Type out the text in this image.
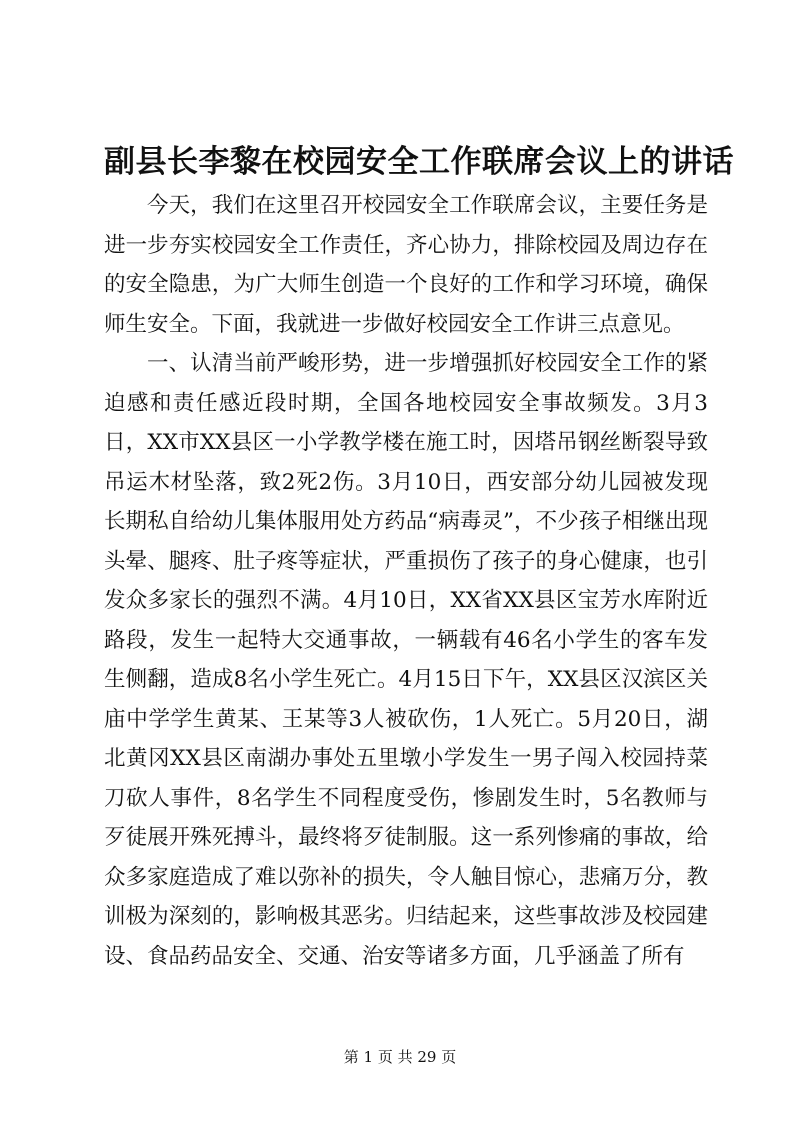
副县长李黎在校园安全工作联席会议上的讲话

今天，我们在这里召开校园安全工作联席会议，主要任务是进一步夯实校园安全工作责任，齐心协力，排除校园及周边存在的安全隐患，为广大师生创造一个良好的工作和学习环境，确保师生安全。下面，我就进一步做好校园安全工作讲三点意见。

一、认清当前严峻形势，进一步增强抓好校园安全工作的紧迫感和责任感近段时期，全国各地校园安全事故频发。3月3日，XX市XX县区一小学教学楼在施工时，因塔吊钢丝断裂导致吊运木材坠落，致2死2伤。3月10日，西安部分幼儿园被发现长期私自给幼儿集体服用处方药品“病毒灵”，不少孩子相继出现头晕、腿疼、肚子疼等症状，严重损伤了孩子的身心健康，也引发众多家长的强烈不满。4月10日，XX省XX县区宝芳水库附近路段，发生一起特大交通事故，一辆载有46名小学生的客车发生侧翻，造成8名小学生死亡。4月15日下午，XX县区汉滨区关庙中学学生黄某、王某等3人被砍伤，1人死亡。5月20日，湖北黄冈XX县区南湖办事处五里墩小学发生一男子闯入校园持菜刀砍人事件，8名学生不同程度受伤，惨剧发生时，5名教师与歹徒展开殊死搏斗，最终将歹徒制服。这一系列惨痛的事故，给众多家庭造成了难以弥补的损失，令人触目惊心，悲痛万分，教训极为深刻的，影响极其恶劣。归结起来，这些事故涉及校园建设、食品药品安全、交通、治安等诸多方面，几乎涵盖了所有

第 1 页 共 29 页
